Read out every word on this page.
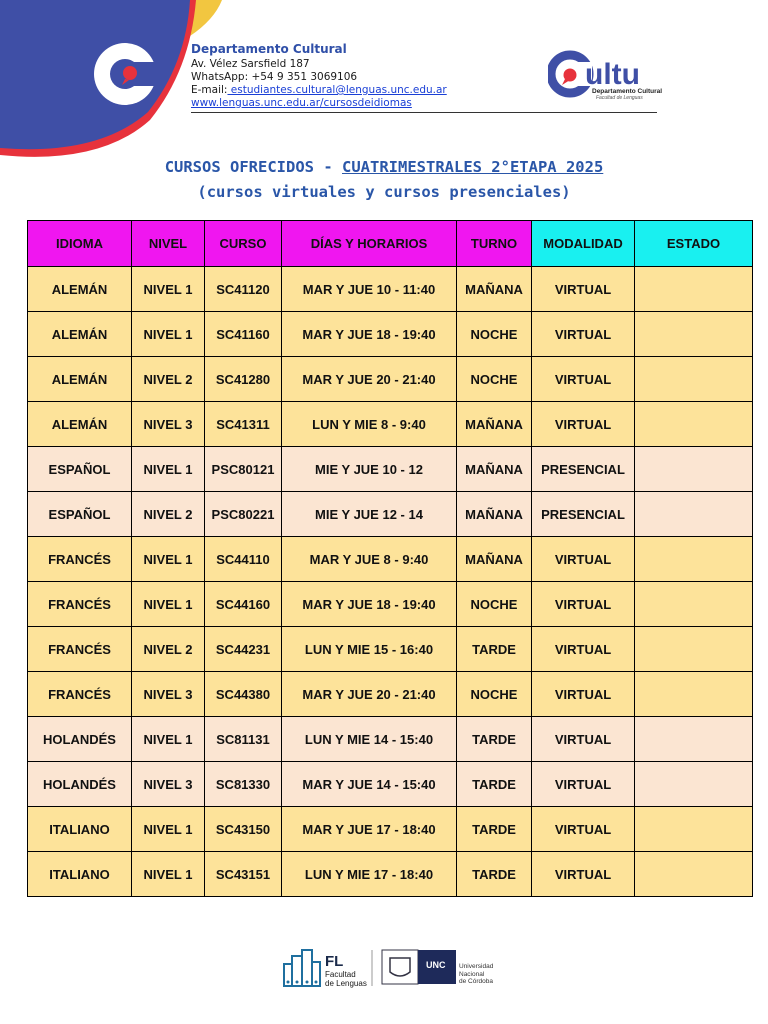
Departamento Cultural
Av. Vélez Sarsfield 187
WhatsApp: +54 9 351 3069106
E-mail: estudiantes.cultural@lenguas.unc.edu.ar
www.lenguas.unc.edu.ar/cursosdeidiomas
ultu
Departamento Cultural
Facultad de Lenguas
CURSOS OFRECIDOS - CUATRIMESTRALES 2°ETAPA 2025
(cursos virtuales y cursos presenciales)
IDIOMA	NIVEL	CURSO	DÍAS Y HORARIOS	TURNO	MODALIDAD	ESTADO
ALEMÁN	NIVEL 1	SC41120	MAR Y JUE 10 - 11:40	MAÑANA	VIRTUAL	
ALEMÁN	NIVEL 1	SC41160	MAR Y JUE 18 - 19:40	NOCHE	VIRTUAL	
ALEMÁN	NIVEL 2	SC41280	MAR Y JUE 20 - 21:40	NOCHE	VIRTUAL	
ALEMÁN	NIVEL 3	SC41311	LUN Y MIE 8 - 9:40	MAÑANA	VIRTUAL	
ESPAÑOL	NIVEL 1	PSC80121	MIE Y JUE 10 - 12	MAÑANA	PRESENCIAL	
ESPAÑOL	NIVEL 2	PSC80221	MIE Y JUE 12 - 14	MAÑANA	PRESENCIAL	
FRANCÉS	NIVEL 1	SC44110	MAR Y JUE 8 - 9:40	MAÑANA	VIRTUAL	
FRANCÉS	NIVEL 1	SC44160	MAR Y JUE 18 - 19:40	NOCHE	VIRTUAL	
FRANCÉS	NIVEL 2	SC44231	LUN Y MIE 15 - 16:40	TARDE	VIRTUAL	
FRANCÉS	NIVEL 3	SC44380	MAR Y JUE 20 - 21:40	NOCHE	VIRTUAL	
HOLANDÉS	NIVEL 1	SC81131	LUN Y MIE 14 - 15:40	TARDE	VIRTUAL	
HOLANDÉS	NIVEL 3	SC81330	MAR Y JUE 14 - 15:40	TARDE	VIRTUAL	
ITALIANO	NIVEL 1	SC43150	MAR Y JUE 17 - 18:40	TARDE	VIRTUAL	
ITALIANO	NIVEL 1	SC43151	LUN Y MIE 17 - 18:40	TARDE	VIRTUAL	
FL
Facultad
de Lenguas
UNC Universidad
Nacional
de Córdoba
